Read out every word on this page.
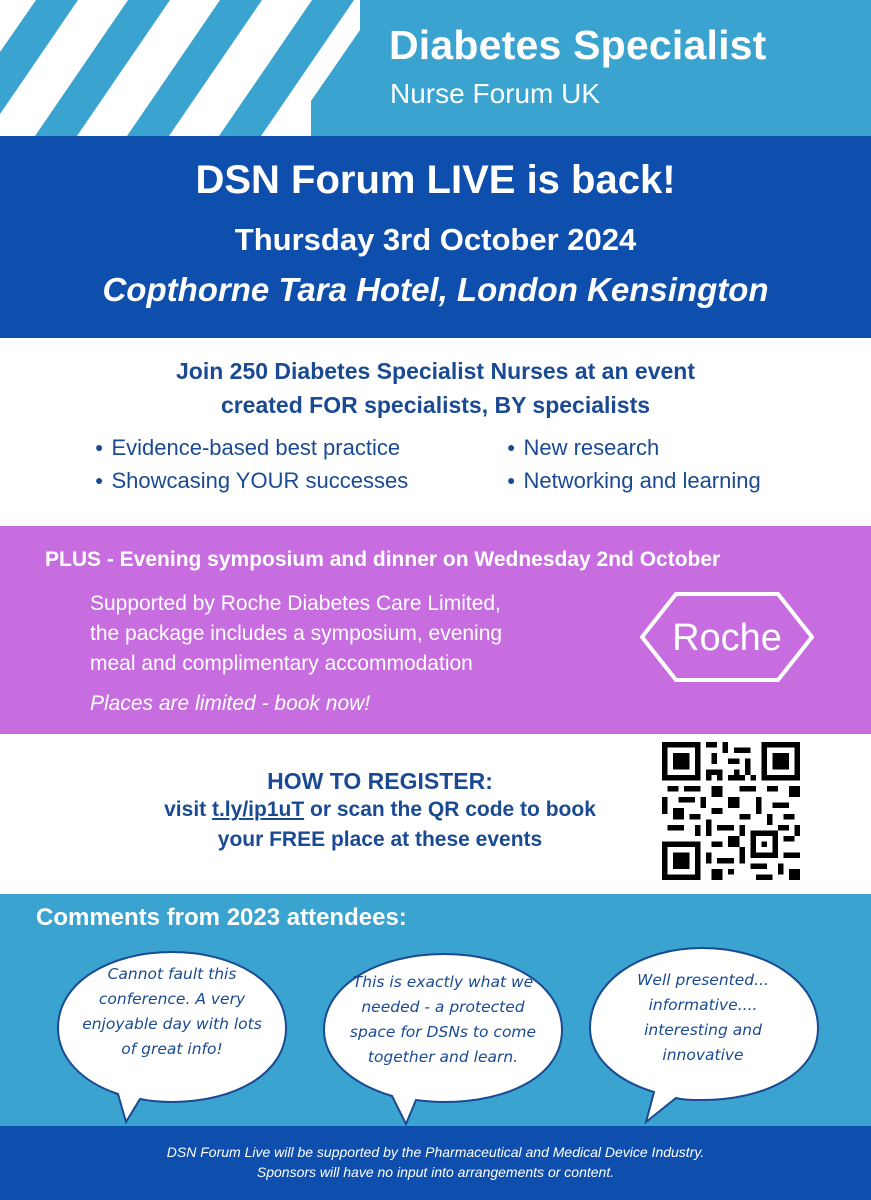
Diabetes Specialist
Nurse Forum UK
DSN Forum LIVE is back!
Thursday 3rd October 2024
Copthorne Tara Hotel, London Kensington
Join 250 Diabetes Specialist Nurses at an event
created FOR specialists, BY specialists
● Evidence-based best practice
● Showcasing YOUR successes
● New research
● Networking and learning
PLUS - Evening symposium and dinner on Wednesday 2nd October
Supported by Roche Diabetes Care Limited,
the package includes a symposium, evening
meal and complimentary accommodation
Places are limited - book now!
Roche
HOW TO REGISTER:
visit t.ly/ip1uT or scan the QR code to book
your FREE place at these events
Comments from 2023 attendees:
Cannot fault this
conference. A very
enjoyable day with lots
of great info!
This is exactly what we
needed - a protected
space for DSNs to come
together and learn.
Well presented...
informative....
interesting and
innovative
DSN Forum Live will be supported by the Pharmaceutical and Medical Device Industry.
Sponsors will have no input into arrangements or content.
